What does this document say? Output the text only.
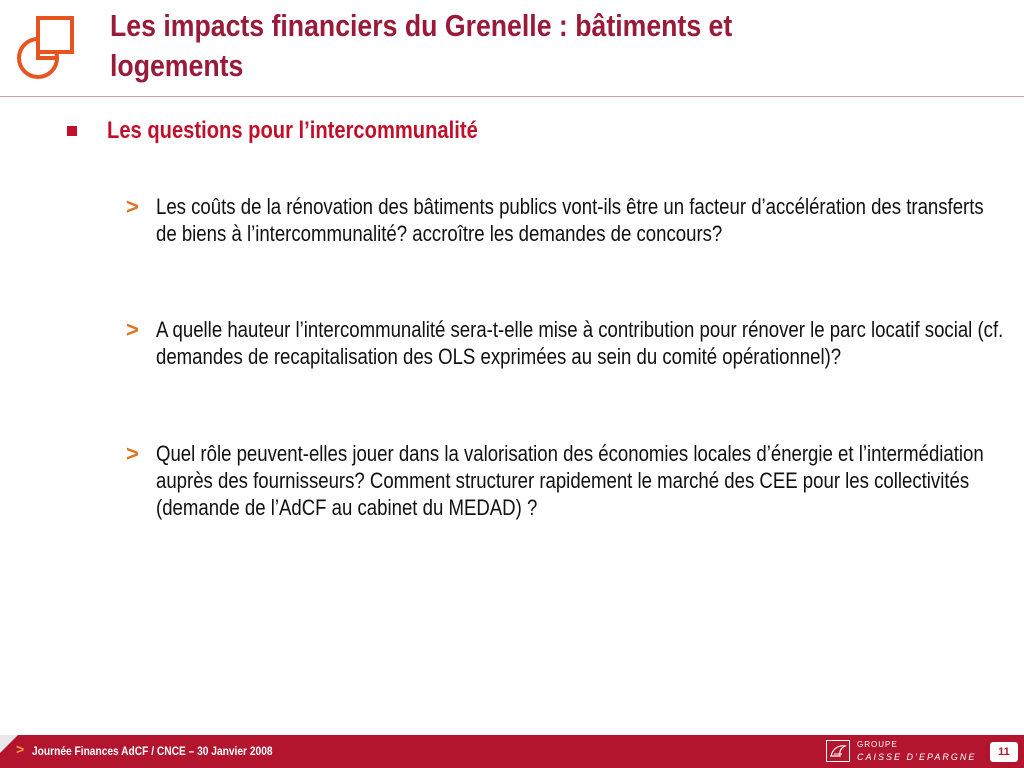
Les impacts financiers du Grenelle : bâtiments et
logements
Les questions pour l’intercommunalité
> Les coûts de la rénovation des bâtiments publics vont-ils être un facteur d’accélération des transferts de biens à l’intercommunalité? accroître les demandes de concours?

> A quelle hauteur l’intercommunalité sera-t-elle mise à contribution pour rénover le parc locatif social (cf. demandes de recapitalisation des OLS exprimées au sein du comité opérationnel)?

> Quel rôle peuvent-elles jouer dans la valorisation des économies locales d’énergie et l’intermédiation auprès des fournisseurs? Comment structurer rapidement le marché des CEE pour les collectivités (demande de l’AdCF au cabinet du MEDAD) ?

> Journée Finances AdCF / CNCE – 30 Janvier 2008	GROUPE
CAISSE D’EPARGNE	11
